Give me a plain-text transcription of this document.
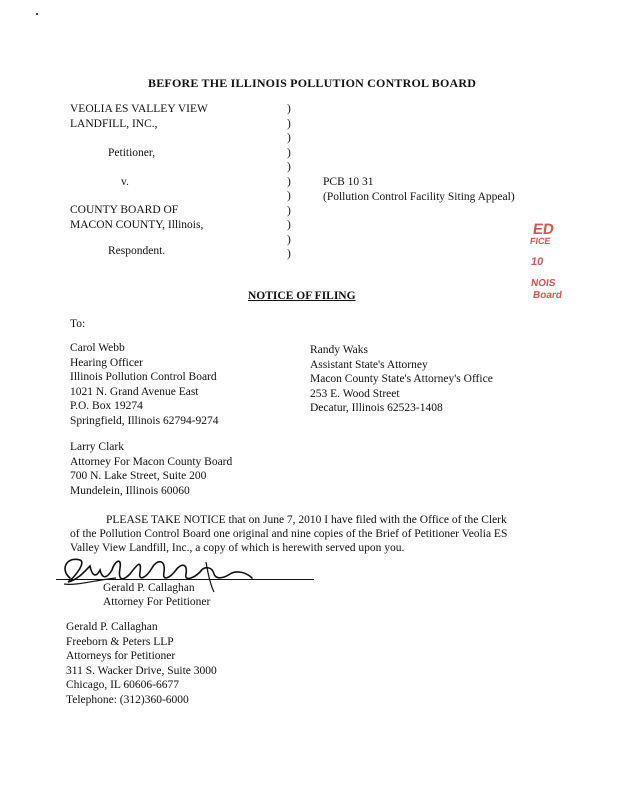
BEFORE THE ILLINOIS POLLUTION CONTROL BOARD
VEOLIA ES VALLEY VIEW
LANDFILL, INC.,
Petitioner,
v.
COUNTY BOARD OF
MACON COUNTY, Illinois,
Respondent.
)
)
)
)
)
)
)
)
)
)
)
PCB 10 31
(Pollution Control Facility Siting Appeal)
ED
FICE
10
NOIS
Board
NOTICE OF FILING
To:
Carol Webb
Hearing Officer
Illinois Pollution Control Board
1021 N. Grand Avenue East
P.O. Box 19274
Springfield, Illinois 62794-9274
Randy Waks
Assistant State's Attorney
Macon County State's Attorney's Office
253 E. Wood Street
Decatur, Illinois 62523-1408
Larry Clark
Attorney For Macon County Board
700 N. Lake Street, Suite 200
Mundelein, Illinois 60060
PLEASE TAKE NOTICE that on June 7, 2010 I have filed with the Office of the Clerk
of the Pollution Control Board one original and nine copies of the Brief of Petitioner Veolia ES
Valley View Landfill, Inc., a copy of which is herewith served upon you.
Gerald P. Callaghan
Attorney For Petitioner
Gerald P. Callaghan
Freeborn & Peters LLP
Attorneys for Petitioner
311 S. Wacker Drive, Suite 3000
Chicago, IL 60606-6677
Telephone: (312)360-6000
